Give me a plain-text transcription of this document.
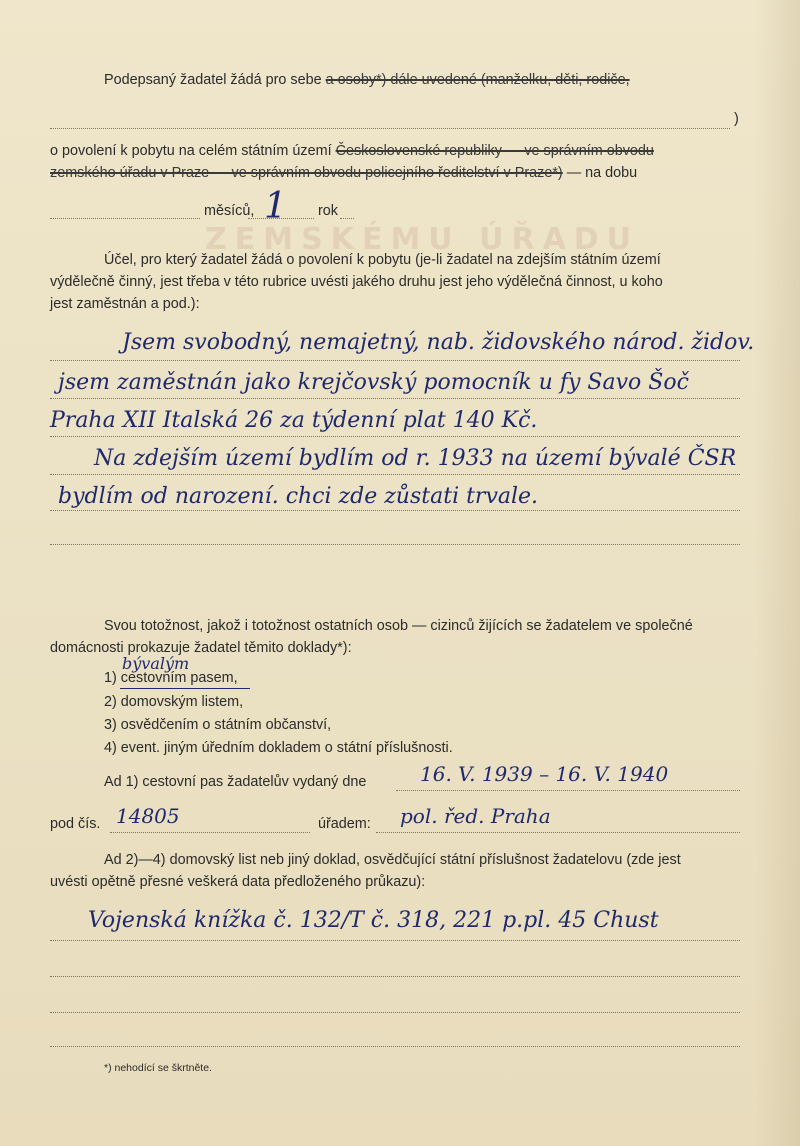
ZEMSKÉMU ÚŘADU
Podepsaný žadatel žádá pro sebe a osoby*) dále uvedené (manželku, děti, rodiče,
)
o povolení k pobytu na celém státním území Československé republiky — ve správním obvodu
zemského úřadu v Praze — ve správním obvodu policejního ředitelství v Praze*) — na dobu
měsíců, 1 rok
Účel, pro který žadatel žádá o povolení k pobytu (je-li žadatel na zdejším státním území
výdělečně činný, jest třeba v této rubrice uvésti jakého druhu jest jeho výdělečná činnost, u koho
jest zaměstnán a pod.):
Jsem svobodný, nemajetný, nab. židovského národ. židov.
jsem zaměstnán jako krejčovský pomocník u fy Savo Šoč
Praha XII Italská 26 za týdenní plat 140 Kč.
Na zdejším území bydlím od r. 1933 na území bývalé ČSR
bydlím od narození. chci zde zůstati trvale.
Svou totožnost, jakož i totožnost ostatních osob — cizinců žijících se žadatelem ve společné
domácnosti prokazuje žadatel těmito doklady*):
bývalým
1) cestovním pasem,
2) domovským listem,
3) osvědčením o státním občanství,
4) event. jiným úředním dokladem o státní příslušnosti.
Ad 1) cestovní pas žadatelův vydaný dne	16. V. 1939 – 16. V. 1940
pod čís. 14805	úřadem: pol. řed. Praha
Ad 2)—4) domovský list neb jiný doklad, osvědčující státní příslušnost žadatelovu (zde jest
uvésti opětně přesné veškerá data předloženého průkazu):
Vojenská knížka č. 132/T č. 318, 221 p.pl. 45 Chust
*) nehodící se škrtněte.
